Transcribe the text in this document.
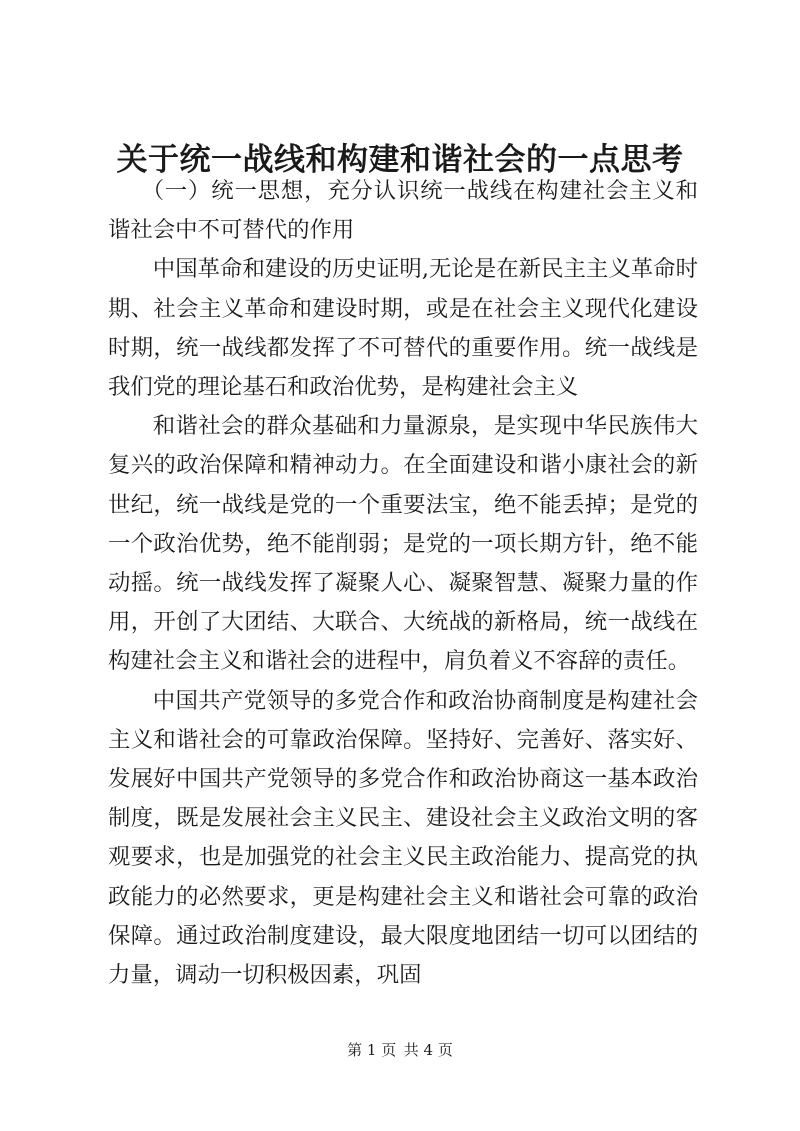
关于统一战线和构建和谐社会的一点思考

（一）统一思想，充分认识统一战线在构建社会主义和谐社会中不可替代的作用

中国革命和建设的历史证明,无论是在新民主主义革命时期、社会主义革命和建设时期，或是在社会主义现代化建设时期，统一战线都发挥了不可替代的重要作用。统一战线是我们党的理论基石和政治优势，是构建社会主义

和谐社会的群众基础和力量源泉，是实现中华民族伟大复兴的政治保障和精神动力。在全面建设和谐小康社会的新世纪，统一战线是党的一个重要法宝，绝不能丢掉；是党的一个政治优势，绝不能削弱；是党的一项长期方针，绝不能动摇。统一战线发挥了凝聚人心、凝聚智慧、凝聚力量的作用，开创了大团结、大联合、大统战的新格局，统一战线在构建社会主义和谐社会的进程中，肩负着义不容辞的责任。

中国共产党领导的多党合作和政治协商制度是构建社会主义和谐社会的可靠政治保障。坚持好、完善好、落实好、发展好中国共产党领导的多党合作和政治协商这一基本政治制度，既是发展社会主义民主、建设社会主义政治文明的客观要求，也是加强党的社会主义民主政治能力、提高党的执政能力的必然要求，更是构建社会主义和谐社会可靠的政治保障。通过政治制度建设，最大限度地团结一切可以团结的力量，调动一切积极因素，巩固

第 1 页 共 4 页
